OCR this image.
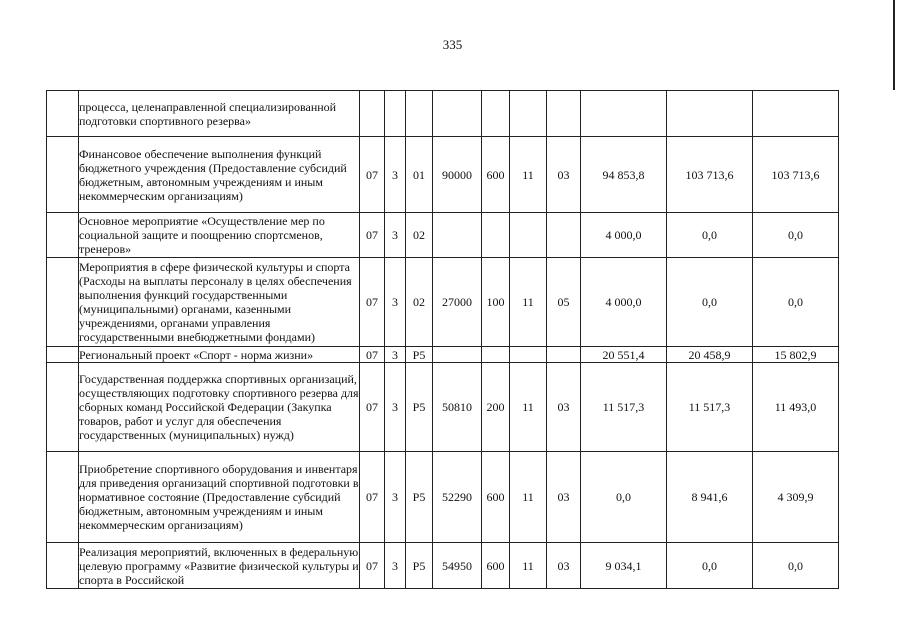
335
	процесса, целенаправленной специализированной подготовки спортивного резерва»										
	Финансовое обеспечение выполнения функций бюджетного учреждения (Предоставление субсидий бюджетным, автономным учреждениям и иным некоммерческим организациям)	07	3	01	90000	600	11	03	94 853,8	103 713,6	103 713,6
	Основное мероприятие «Осуществление мер по социальной защите и поощрению спортсменов, тренеров»	07	3	02					4 000,0	0,0	0,0
	Мероприятия в сфере физической культуры и спорта (Расходы на выплаты персоналу в целях обеспечения выполнения функций государственными (муниципальными) органами, казенными учреждениями, органами управления государственными внебюджетными фондами)	07	3	02	27000	100	11	05	4 000,0	0,0	0,0
	Региональный проект «Спорт - норма жизни»	07	3	P5					20 551,4	20 458,9	15 802,9
	Государственная поддержка спортивных организаций, осуществляющих подготовку спортивного резерва для сборных команд Российской Федерации (Закупка товаров, работ и услуг для обеспечения государственных (муниципальных) нужд)	07	3	P5	50810	200	11	03	11 517,3	11 517,3	11 493,0
	Приобретение спортивного оборудования и инвентаря для приведения организаций спортивной подготовки в нормативное состояние (Предоставление субсидий бюджетным, автономным учреждениям и иным некоммерческим организациям)	07	3	P5	52290	600	11	03	0,0	8 941,6	4 309,9
	Реализация мероприятий, включенных в федеральную целевую программу «Развитие физической культуры и спорта в Российской	07	3	P5	54950	600	11	03	9 034,1	0,0	0,0
